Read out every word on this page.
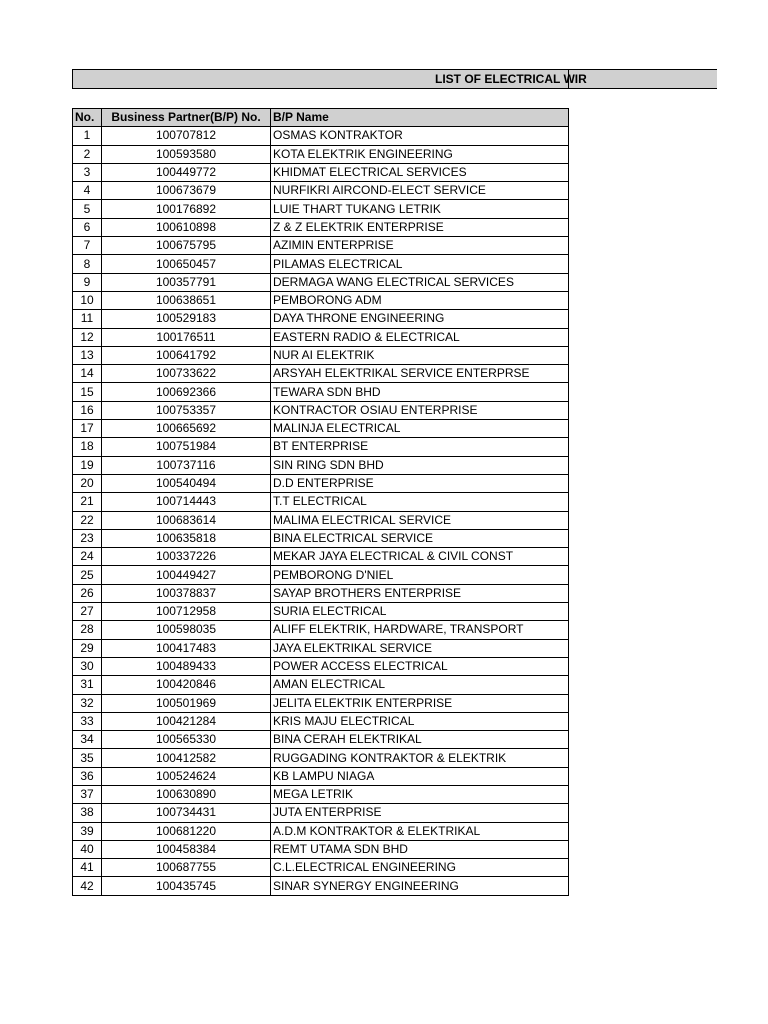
LIST OF ELECTRICAL WIR
No.	Business Partner(B/P) No.	B/P Name
1	100707812	OSMAS KONTRAKTOR
2	100593580	KOTA ELEKTRIK ENGINEERING
3	100449772	KHIDMAT ELECTRICAL SERVICES
4	100673679	NURFIKRI AIRCOND-ELECT SERVICE
5	100176892	LUIE THART TUKANG LETRIK
6	100610898	Z & Z ELEKTRIK ENTERPRISE
7	100675795	AZIMIN ENTERPRISE
8	100650457	PILAMAS ELECTRICAL
9	100357791	DERMAGA WANG ELECTRICAL SERVICES
10	100638651	PEMBORONG ADM
11	100529183	DAYA THRONE ENGINEERING
12	100176511	EASTERN RADIO & ELECTRICAL
13	100641792	NUR AI ELEKTRIK
14	100733622	ARSYAH ELEKTRIKAL SERVICE ENTERPRSE
15	100692366	TEWARA SDN BHD
16	100753357	KONTRACTOR OSIAU ENTERPRISE
17	100665692	MALINJA ELECTRICAL
18	100751984	BT ENTERPRISE
19	100737116	SIN RING SDN BHD
20	100540494	D.D ENTERPRISE
21	100714443	T.T ELECTRICAL
22	100683614	MALIMA ELECTRICAL SERVICE
23	100635818	BINA ELECTRICAL SERVICE
24	100337226	MEKAR JAYA ELECTRICAL & CIVIL CONST
25	100449427	PEMBORONG D'NIEL
26	100378837	SAYAP BROTHERS ENTERPRISE
27	100712958	SURIA ELECTRICAL
28	100598035	ALIFF ELEKTRIK, HARDWARE, TRANSPORT
29	100417483	JAYA ELEKTRIKAL SERVICE
30	100489433	POWER ACCESS ELECTRICAL
31	100420846	AMAN ELECTRICAL
32	100501969	JELITA ELEKTRIK ENTERPRISE
33	100421284	KRIS MAJU ELECTRICAL
34	100565330	BINA CERAH ELEKTRIKAL
35	100412582	RUGGADING KONTRAKTOR & ELEKTRIK
36	100524624	KB LAMPU NIAGA
37	100630890	MEGA LETRIK
38	100734431	JUTA ENTERPRISE
39	100681220	A.D.M KONTRAKTOR & ELEKTRIKAL
40	100458384	REMT UTAMA SDN BHD
41	100687755	C.L.ELECTRICAL ENGINEERING
42	100435745	SINAR SYNERGY ENGINEERING
